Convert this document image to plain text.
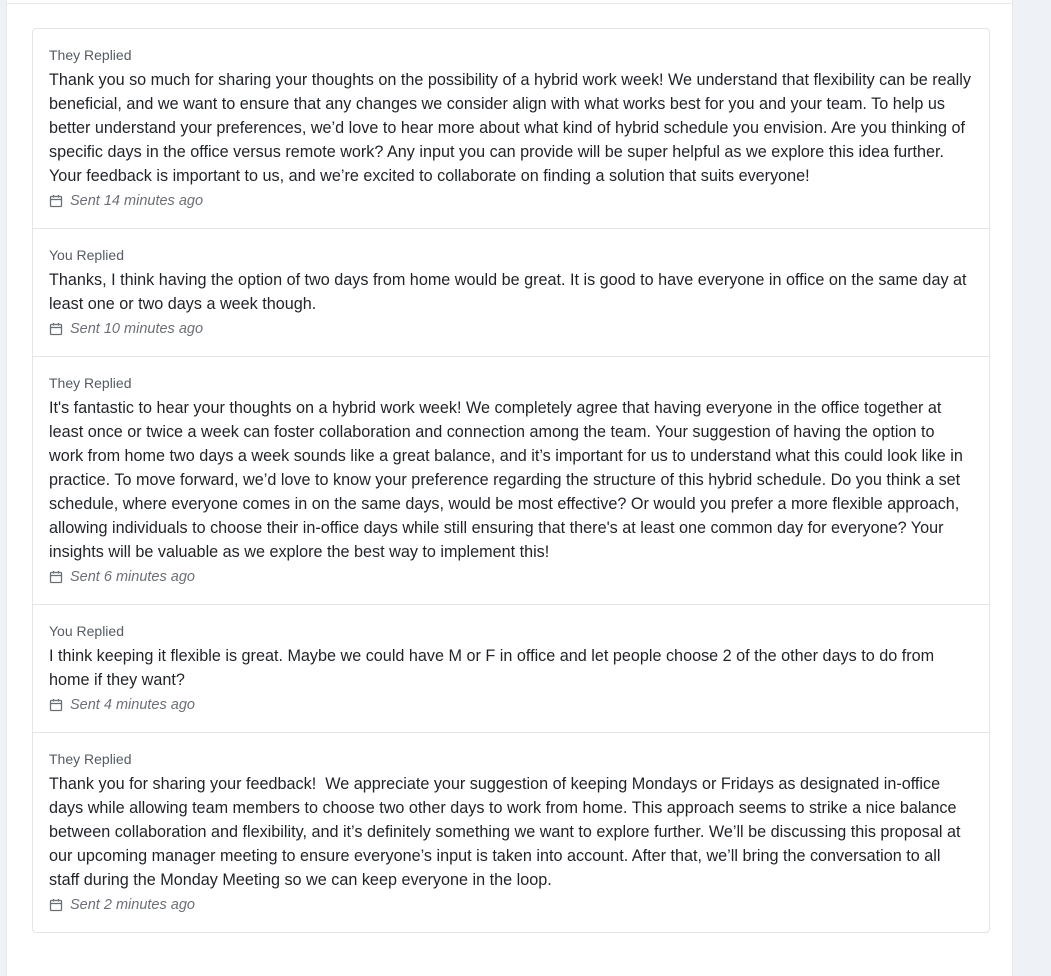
They Replied
Thank you so much for sharing your thoughts on the possibility of a hybrid work week! We understand that flexibility can be really beneficial, and we want to ensure that any changes we consider align with what works best for you and your team. To help us better understand your preferences, we’d love to hear more about what kind of hybrid schedule you envision. Are you thinking of specific days in the office versus remote work? Any input you can provide will be super helpful as we explore this idea further. Your feedback is important to us, and we’re excited to collaborate on finding a solution that suits everyone!
Sent 14 minutes ago
You Replied
Thanks, I think having the option of two days from home would be great. It is good to have everyone in office on the same day at least one or two days a week though.
Sent 10 minutes ago
They Replied
It's fantastic to hear your thoughts on a hybrid work week! We completely agree that having everyone in the office together at least once or twice a week can foster collaboration and connection among the team. Your suggestion of having the option to work from home two days a week sounds like a great balance, and it’s important for us to understand what this could look like in practice. To move forward, we’d love to know your preference regarding the structure of this hybrid schedule. Do you think a set schedule, where everyone comes in on the same days, would be most effective? Or would you prefer a more flexible approach, allowing individuals to choose their in-office days while still ensuring that there's at least one common day for everyone? Your insights will be valuable as we explore the best way to implement this!
Sent 6 minutes ago
You Replied
I think keeping it flexible is great. Maybe we could have M or F in office and let people choose 2 of the other days to do from home if they want?
Sent 4 minutes ago
They Replied
Thank you for sharing your feedback!  We appreciate your suggestion of keeping Mondays or Fridays as designated in-office days while allowing team members to choose two other days to work from home. This approach seems to strike a nice balance between collaboration and flexibility, and it’s definitely something we want to explore further. We’ll be discussing this proposal at our upcoming manager meeting to ensure everyone’s input is taken into account. After that, we’ll bring the conversation to all staff during the Monday Meeting so we can keep everyone in the loop.
Sent 2 minutes ago
